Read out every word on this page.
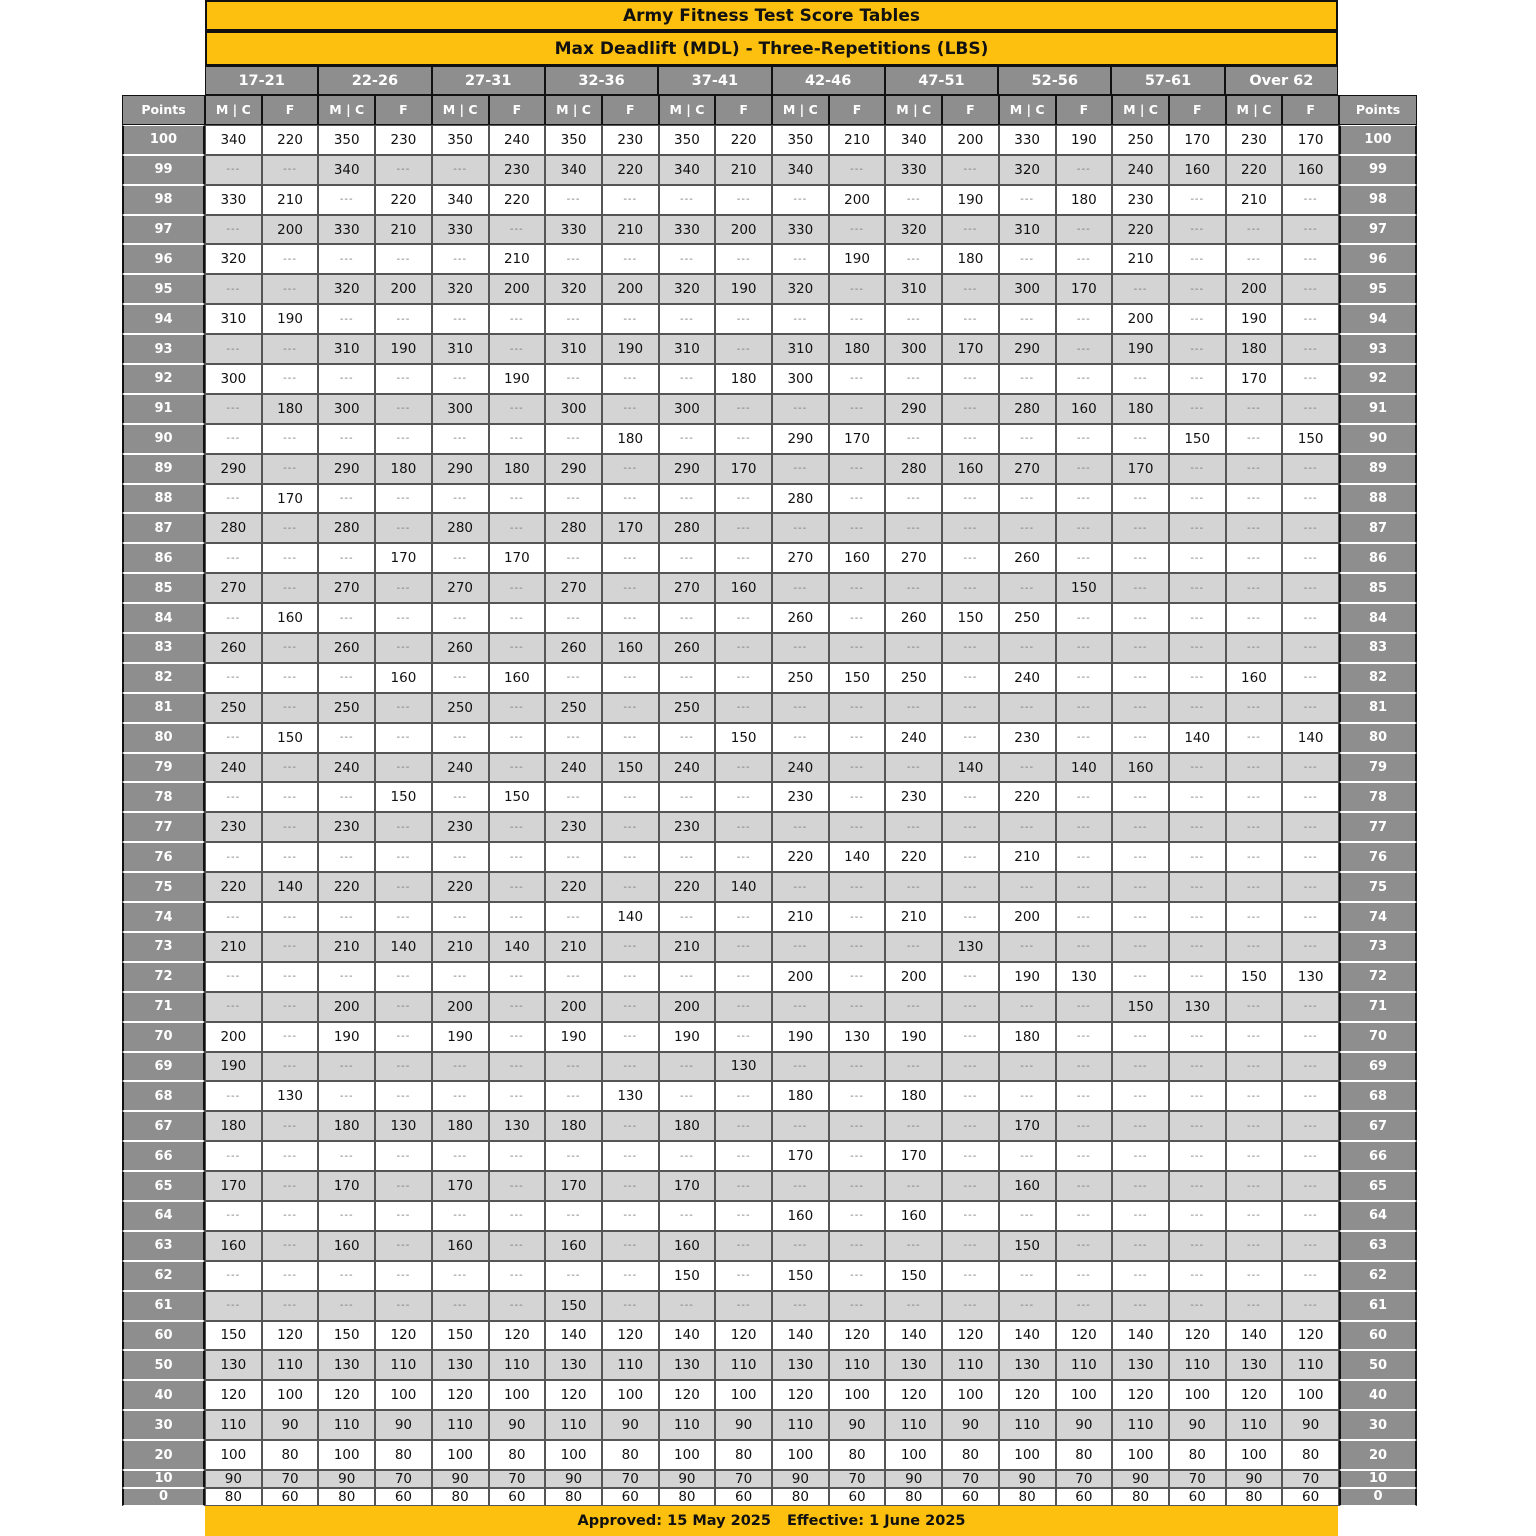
Army Fitness Test Score Tables
Max Deadlift (MDL) - Three-Repetitions (LBS)
17-21	22-26	27-31	32-36	37-41	42-46	47-51	52-56	57-61	Over 62
Points	M | C	F	M | C	F	M | C	F	M | C	F	M | C	F	M | C	F	M | C	F	M | C	F	M | C	F	M | C	F	Points
100	340	220	350	230	350	240	350	230	350	220	350	210	340	200	330	190	250	170	230	170	100
99	---	---	340	---	---	230	340	220	340	210	340	---	330	---	320	---	240	160	220	160	99
98	330	210	---	220	340	220	---	---	---	---	---	200	---	190	---	180	230	---	210	---	98
97	---	200	330	210	330	---	330	210	330	200	330	---	320	---	310	---	220	---	---	---	97
96	320	---	---	---	---	210	---	---	---	---	---	190	---	180	---	---	210	---	---	---	96
95	---	---	320	200	320	200	320	200	320	190	320	---	310	---	300	170	---	---	200	---	95
94	310	190	---	---	---	---	---	---	---	---	---	---	---	---	---	---	200	---	190	---	94
93	---	---	310	190	310	---	310	190	310	---	310	180	300	170	290	---	190	---	180	---	93
92	300	---	---	---	---	190	---	---	---	180	300	---	---	---	---	---	---	---	170	---	92
91	---	180	300	---	300	---	300	---	300	---	---	---	290	---	280	160	180	---	---	---	91
90	---	---	---	---	---	---	---	180	---	---	290	170	---	---	---	---	---	150	---	150	90
89	290	---	290	180	290	180	290	---	290	170	---	---	280	160	270	---	170	---	---	---	89
88	---	170	---	---	---	---	---	---	---	---	280	---	---	---	---	---	---	---	---	---	88
87	280	---	280	---	280	---	280	170	280	---	---	---	---	---	---	---	---	---	---	---	87
86	---	---	---	170	---	170	---	---	---	---	270	160	270	---	260	---	---	---	---	---	86
85	270	---	270	---	270	---	270	---	270	160	---	---	---	---	---	150	---	---	---	---	85
84	---	160	---	---	---	---	---	---	---	---	260	---	260	150	250	---	---	---	---	---	84
83	260	---	260	---	260	---	260	160	260	---	---	---	---	---	---	---	---	---	---	---	83
82	---	---	---	160	---	160	---	---	---	---	250	150	250	---	240	---	---	---	160	---	82
81	250	---	250	---	250	---	250	---	250	---	---	---	---	---	---	---	---	---	---	---	81
80	---	150	---	---	---	---	---	---	---	150	---	---	240	---	230	---	---	140	---	140	80
79	240	---	240	---	240	---	240	150	240	---	240	---	---	140	---	140	160	---	---	---	79
78	---	---	---	150	---	150	---	---	---	---	230	---	230	---	220	---	---	---	---	---	78
77	230	---	230	---	230	---	230	---	230	---	---	---	---	---	---	---	---	---	---	---	77
76	---	---	---	---	---	---	---	---	---	---	220	140	220	---	210	---	---	---	---	---	76
75	220	140	220	---	220	---	220	---	220	140	---	---	---	---	---	---	---	---	---	---	75
74	---	---	---	---	---	---	---	140	---	---	210	---	210	---	200	---	---	---	---	---	74
73	210	---	210	140	210	140	210	---	210	---	---	---	---	130	---	---	---	---	---	---	73
72	---	---	---	---	---	---	---	---	---	---	200	---	200	---	190	130	---	---	150	130	72
71	---	---	200	---	200	---	200	---	200	---	---	---	---	---	---	---	150	130	---	---	71
70	200	---	190	---	190	---	190	---	190	---	190	130	190	---	180	---	---	---	---	---	70
69	190	---	---	---	---	---	---	---	---	130	---	---	---	---	---	---	---	---	---	---	69
68	---	130	---	---	---	---	---	130	---	---	180	---	180	---	---	---	---	---	---	---	68
67	180	---	180	130	180	130	180	---	180	---	---	---	---	---	170	---	---	---	---	---	67
66	---	---	---	---	---	---	---	---	---	---	170	---	170	---	---	---	---	---	---	---	66
65	170	---	170	---	170	---	170	---	170	---	---	---	---	---	160	---	---	---	---	---	65
64	---	---	---	---	---	---	---	---	---	---	160	---	160	---	---	---	---	---	---	---	64
63	160	---	160	---	160	---	160	---	160	---	---	---	---	---	150	---	---	---	---	---	63
62	---	---	---	---	---	---	---	---	150	---	150	---	150	---	---	---	---	---	---	---	62
61	---	---	---	---	---	---	150	---	---	---	---	---	---	---	---	---	---	---	---	---	61
60	150	120	150	120	150	120	140	120	140	120	140	120	140	120	140	120	140	120	140	120	60
50	130	110	130	110	130	110	130	110	130	110	130	110	130	110	130	110	130	110	130	110	50
40	120	100	120	100	120	100	120	100	120	100	120	100	120	100	120	100	120	100	120	100	40
30	110	90	110	90	110	90	110	90	110	90	110	90	110	90	110	90	110	90	110	90	30
20	100	80	100	80	100	80	100	80	100	80	100	80	100	80	100	80	100	80	100	80	20
10	90	70	90	70	90	70	90	70	90	70	90	70	90	70	90	70	90	70	90	70	10
0	80	60	80	60	80	60	80	60	80	60	80	60	80	60	80	60	80	60	80	60	0
Approved: 15 May 2025 Effective: 1 June 2025
